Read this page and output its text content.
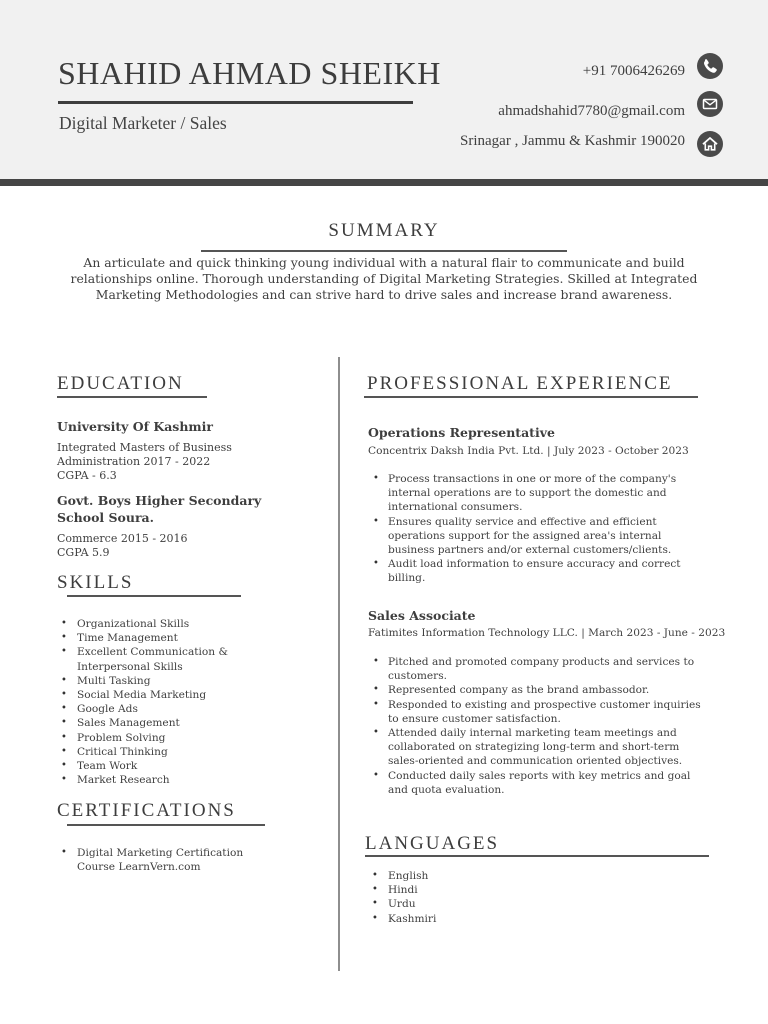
SHAHID AHMAD SHEIKH
Digital Marketer / Sales
+91 7006426269
ahmadshahid7780@gmail.com
Srinagar , Jammu & Kashmir 190020
SUMMARY
An articulate and quick thinking young individual with a natural flair to communicate and build relationships online. Thorough understanding of Digital Marketing Strategies. Skilled at Integrated Marketing Methodologies and can strive hard to drive sales and increase brand awareness.
EDUCATION
University Of Kashmir
Integrated Masters of Business
Administration 2017 - 2022
CGPA - 6.3
Govt. Boys Higher Secondary School Soura.
Commerce 2015 - 2016
CGPA 5.9
SKILLS
• Organizational Skills
• Time Management
• Excellent Communication & Interpersonal Skills
• Multi Tasking
• Social Media Marketing
• Google Ads
• Sales Management
• Problem Solving
• Critical Thinking
• Team Work
• Market Research
CERTIFICATIONS
• Digital Marketing Certification Course LearnVern.com
PROFESSIONAL EXPERIENCE
Operations Representative
Concentrix Daksh India Pvt. Ltd. | July 2023 - October 2023
• Process transactions in one or more of the company's internal operations are to support the domestic and international consumers.
• Ensures quality service and effective and efficient operations support for the assigned area's internal business partners and/or external customers/clients.
• Audit load information to ensure accuracy and correct billing.
Sales Associate
Fatimites Information Technology LLC. | March 2023 - June - 2023
• Pitched and promoted company products and services to customers.
• Represented company as the brand ambassodor.
• Responded to existing and prospective customer inquiries to ensure customer satisfaction.
• Attended daily internal marketing team meetings and collaborated on strategizing long-term and short-term sales-oriented and communication oriented objectives.
• Conducted daily sales reports with key metrics and goal and quota evaluation.
LANGUAGES
• English
• Hindi
• Urdu
• Kashmiri
